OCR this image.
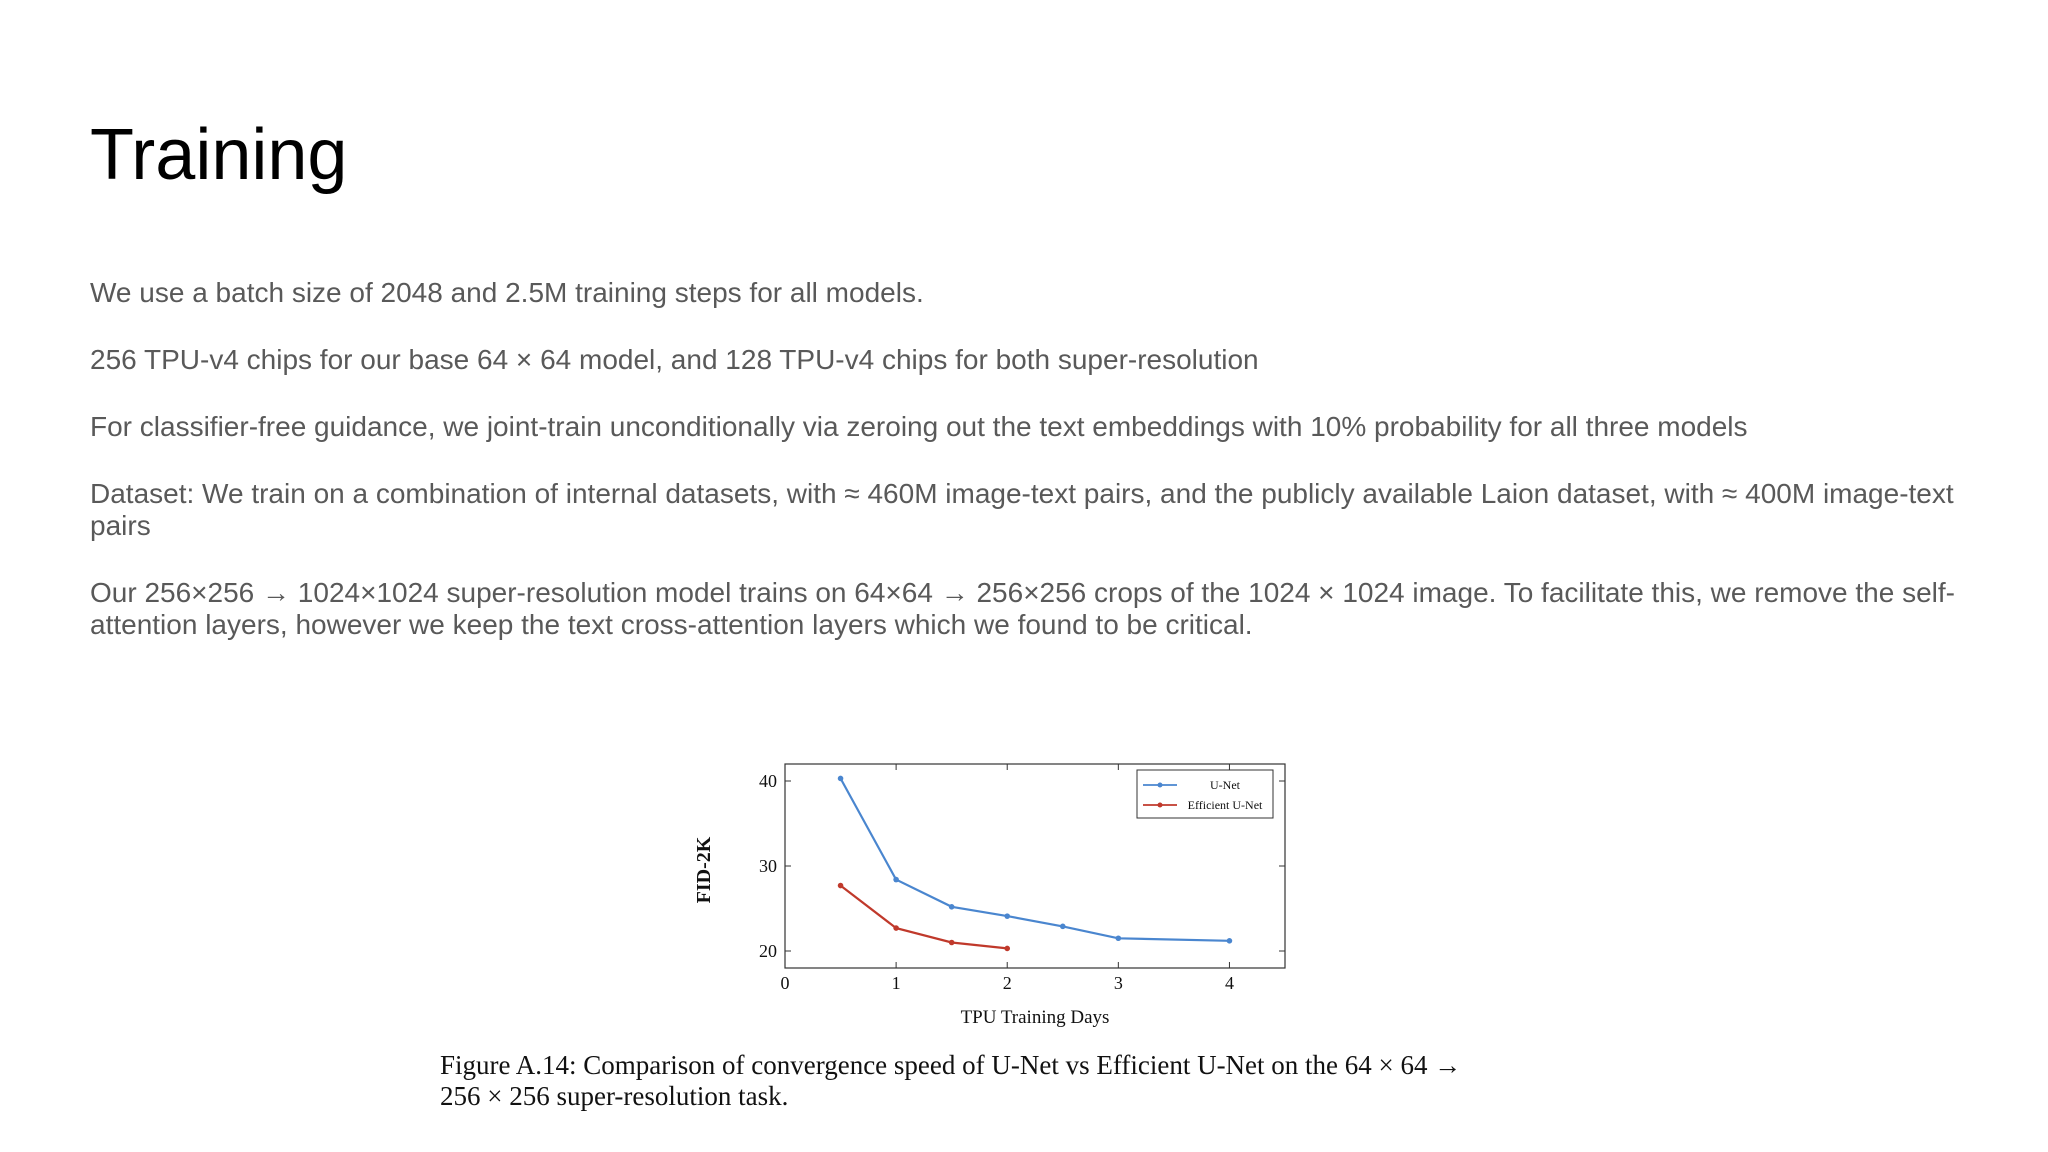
Training

We use a batch size of 2048 and 2.5M training steps for all models.

256 TPU-v4 chips for our base 64 × 64 model, and 128 TPU-v4 chips for both super-resolution

For classifier-free guidance, we joint-train unconditionally via zeroing out the text embeddings with 10% probability for all three models

Dataset: We train on a combination of internal datasets, with ≈ 460M image-text pairs, and the publicly available Laion dataset, with ≈ 400M image-text pairs

Our 256×256 → 1024×1024 super-resolution model trains on 64×64 → 256×256 crops of the 1024 × 1024 image. To facilitate this, we remove the self-attention layers, however we keep the text cross-attention layers which we found to be critical.

FID-2K
TPU Training Days
0	1	2	3	4
20
30
40	U-Net
Efficient U-Net

Figure A.14: Comparison of convergence speed of U-Net vs Efficient U-Net on the 64 × 64 →

256 × 256 super-resolution task.
